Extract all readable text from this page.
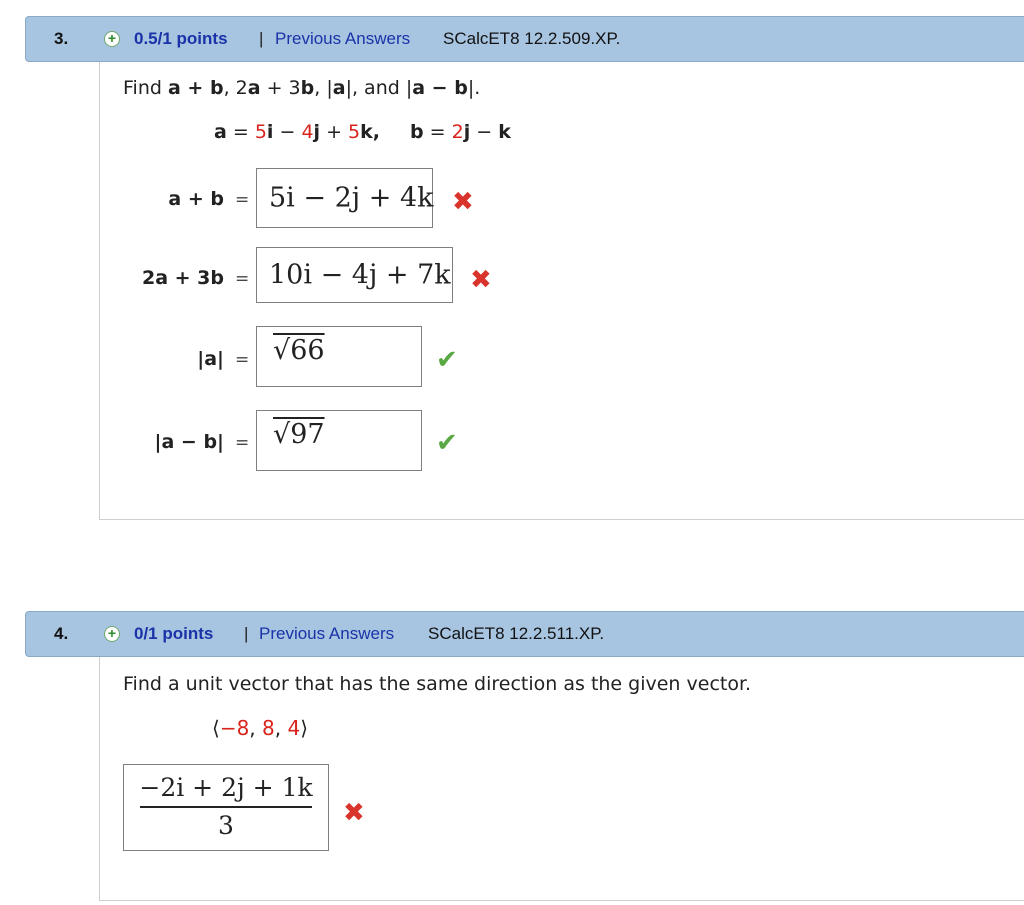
3.	+ 0.5/1 points | Previous Answers SCalcET8 12.2.509.XP.
Find a + b, 2a + 3b, |a|, and |a − b|.
a = 5i − 4j + 5k, b = 2j − k
a + b = 5i − 2j + 4k ✖
2a + 3b = 10i − 4j + 7k ✖
|a| = √66	✔
|a − b| = √97	✔
4.	+ 0/1 points | Previous Answers SCalcET8 12.2.511.XP.
Find a unit vector that has the same direction as the given vector.
⟨−8, 8, 4⟩
−2i + 2j + 1k
3	✖
